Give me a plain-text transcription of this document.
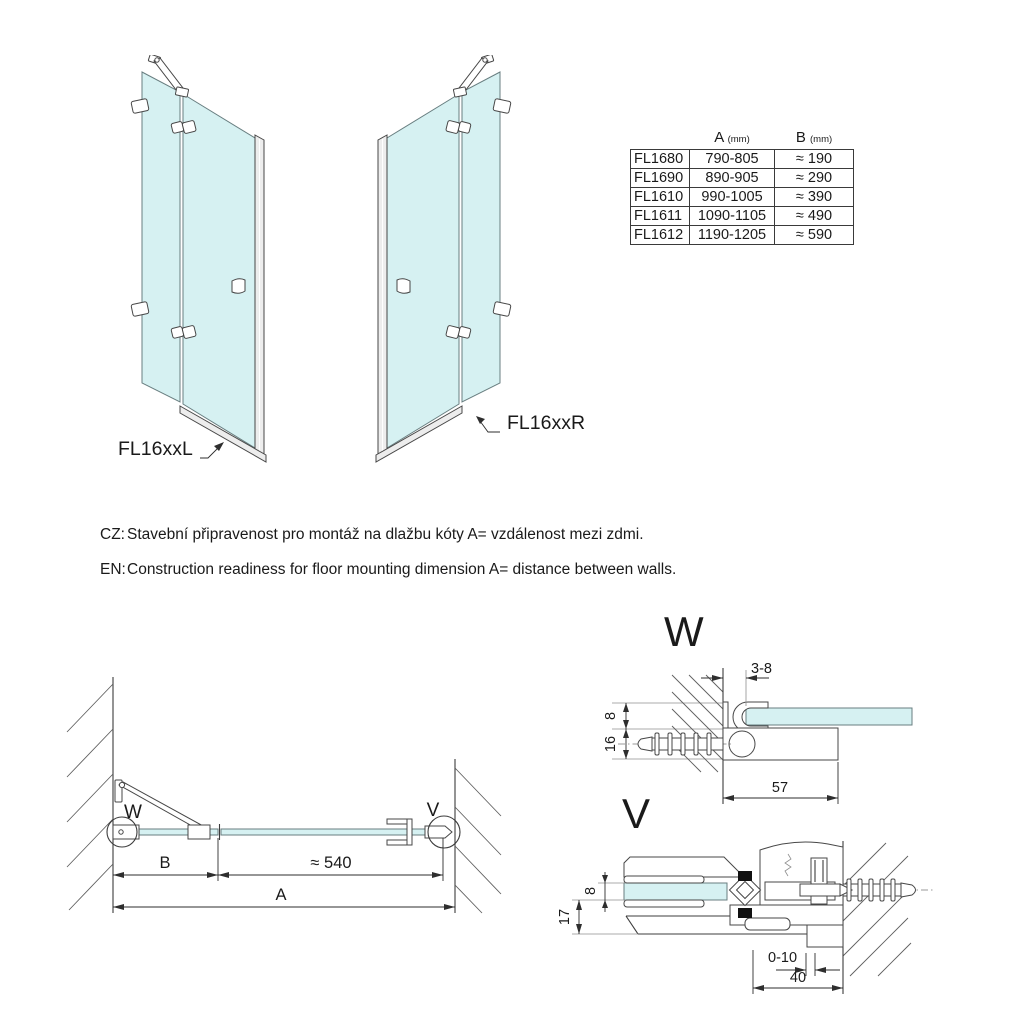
FL16xxL
FL16xxR
	A (mm)	B (mm)
FL1680	790-805	≈ 190
FL1690	890-905	≈ 290
FL1610	990-1005	≈ 390
FL1611	1090-1105	≈ 490
FL1612	1190-1205	≈ 590
CZ: Stavební připravenost pro montáž na dlažbu kóty A= vzdálenost mezi zdmi.
EN: Construction readiness for floor mounting dimension A= distance between walls.
W	V
B	≈ 540
A
W
3-8
8
16
57
V
8
17
0-10
40
